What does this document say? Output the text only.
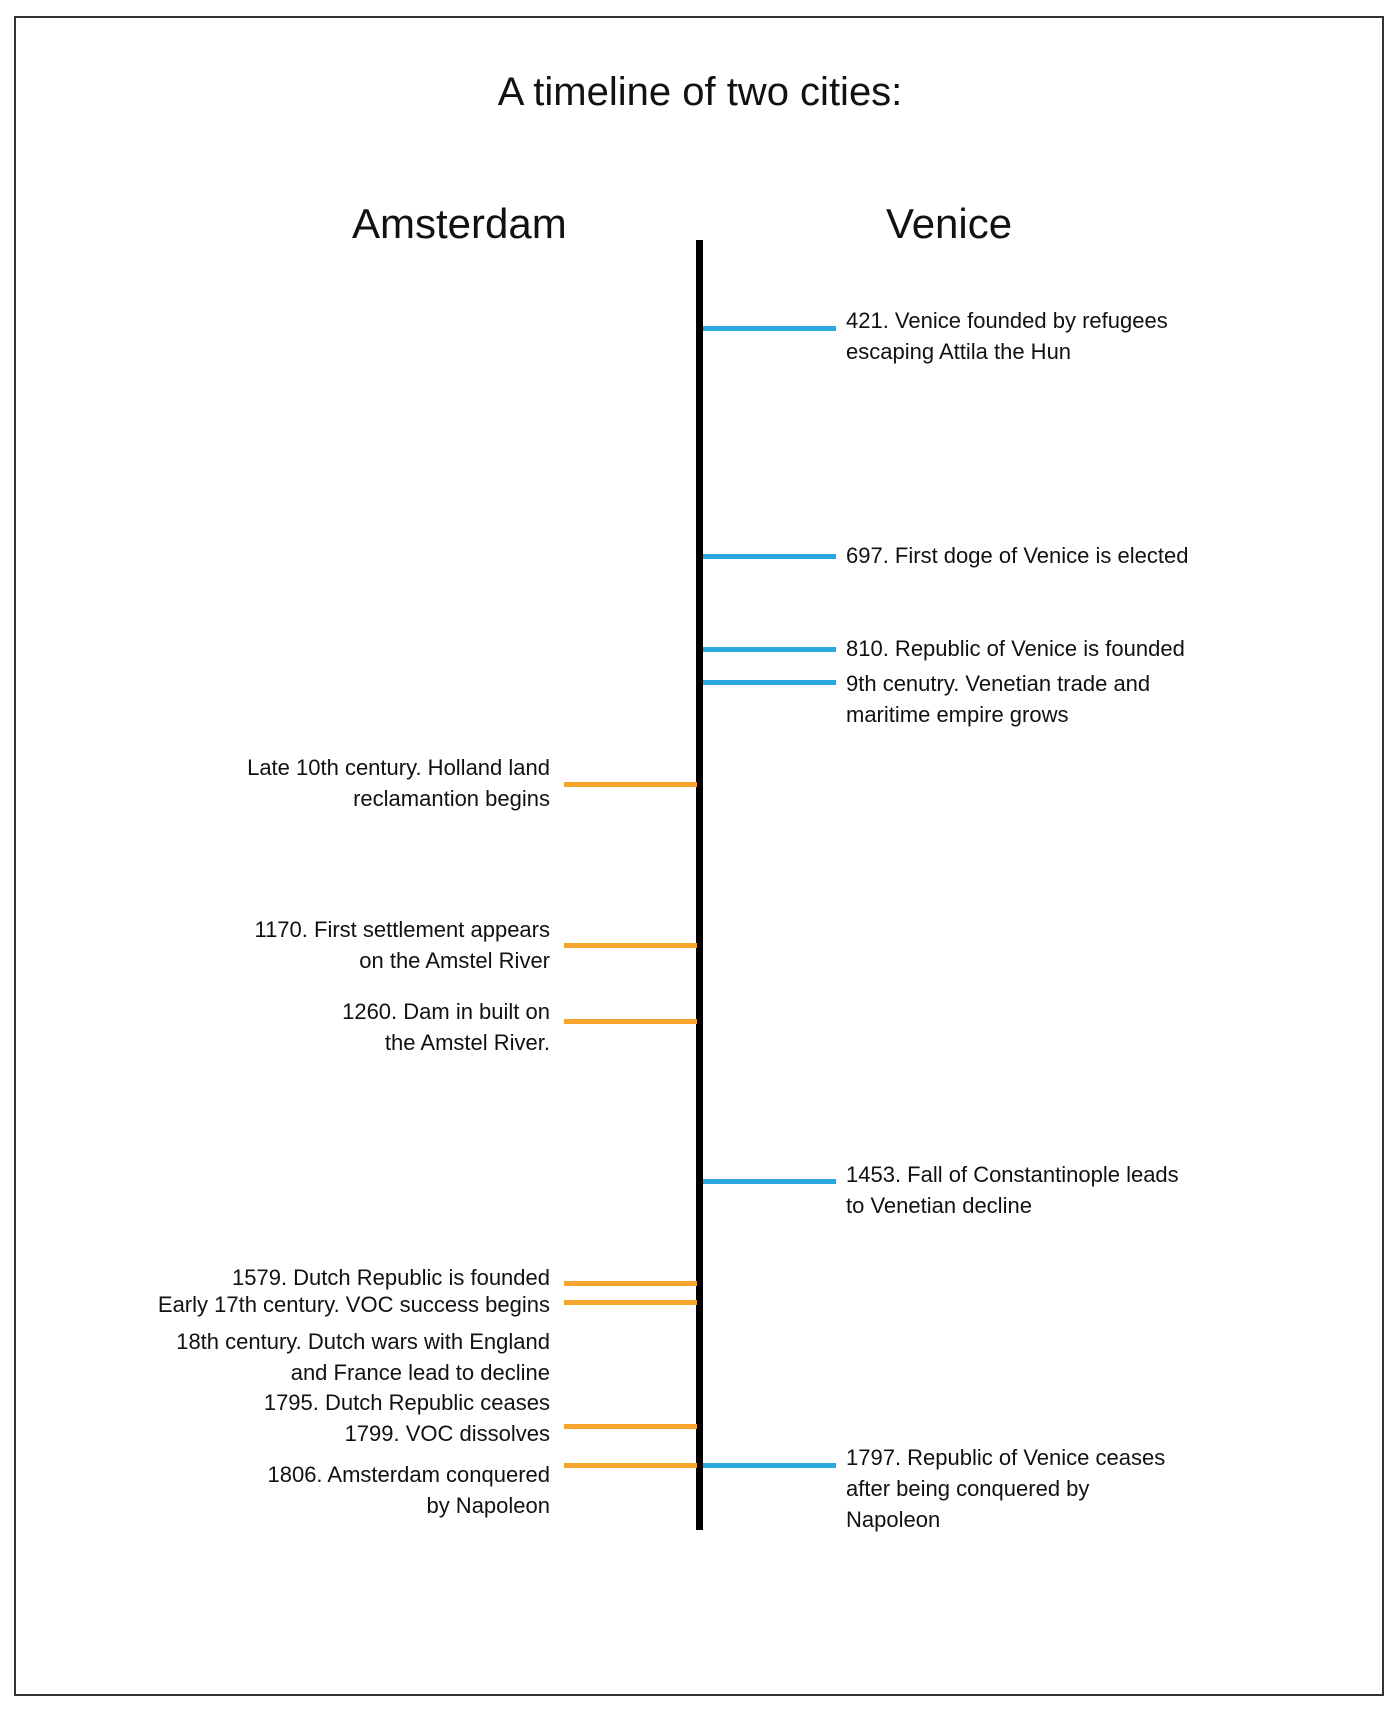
A timeline of two cities:
Amsterdam	Venice
421. Venice founded by refugees
escaping Attila the Hun
697. First doge of Venice is elected
810. Republic of Venice is founded
9th cenutry. Venetian trade and
maritime empire grows
1453. Fall of Constantinople leads
to Venetian decline
1797. Republic of Venice ceases
after being conquered by
Napoleon
Late 10th century. Holland land
reclamantion begins
1170. First settlement appears
on the Amstel River
1260. Dam in built on
the Amstel River.
1579. Dutch Republic is founded
Early 17th century. VOC success begins
18th century. Dutch wars with England
and France lead to decline
1795. Dutch Republic ceases
1799. VOC dissolves
1806. Amsterdam conquered
by Napoleon
